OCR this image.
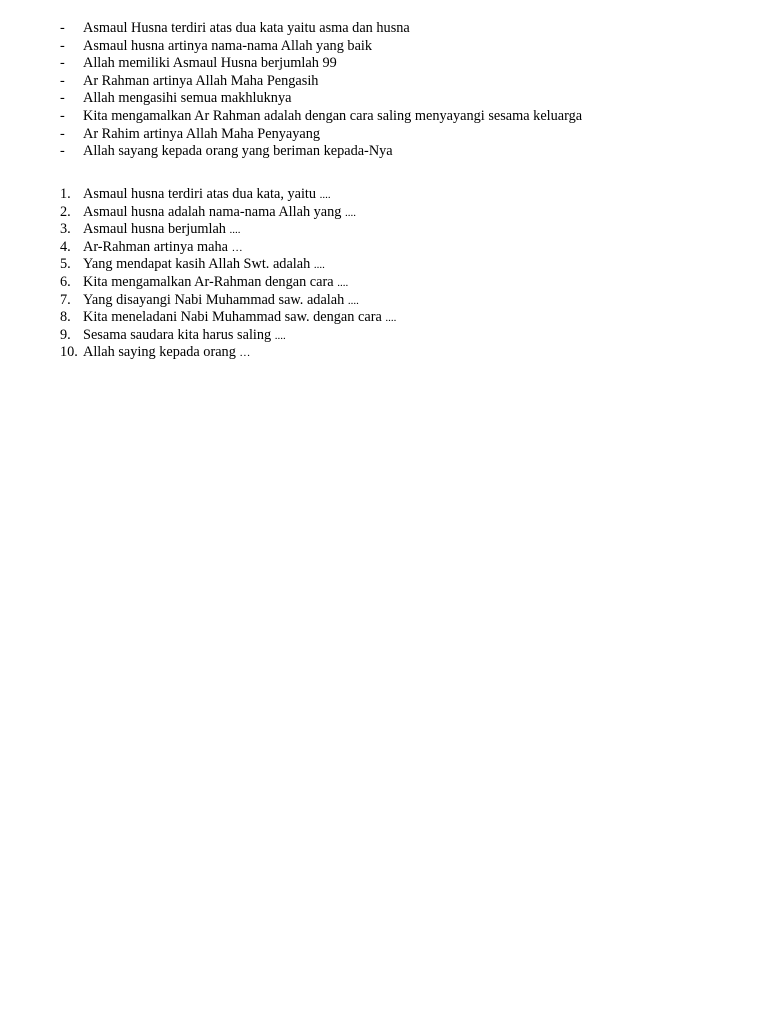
- Asmaul Husna terdiri atas dua kata yaitu asma dan husna
- Asmaul husna artinya nama-nama Allah yang baik
- Allah memiliki Asmaul Husna berjumlah 99
- Ar Rahman artinya Allah Maha Pengasih
- Allah mengasihi semua makhluknya
- Kita mengamalkan Ar Rahman adalah dengan cara saling menyayangi sesama keluarga
- Ar Rahim artinya Allah Maha Penyayang
- Allah sayang kepada orang yang beriman kepada-Nya
1. Asmaul husna terdiri atas dua kata, yaitu ....
2. Asmaul husna adalah nama-nama Allah yang ....
3. Asmaul husna berjumlah ....
4. Ar-Rahman artinya maha …
5. Yang mendapat kasih Allah Swt. adalah ....
6. Kita mengamalkan Ar-Rahman dengan cara ....
7. Yang disayangi Nabi Muhammad saw. adalah ....
8. Kita meneladani Nabi Muhammad saw. dengan cara ....
9. Sesama saudara kita harus saling ....
10. Allah saying kepada orang …
